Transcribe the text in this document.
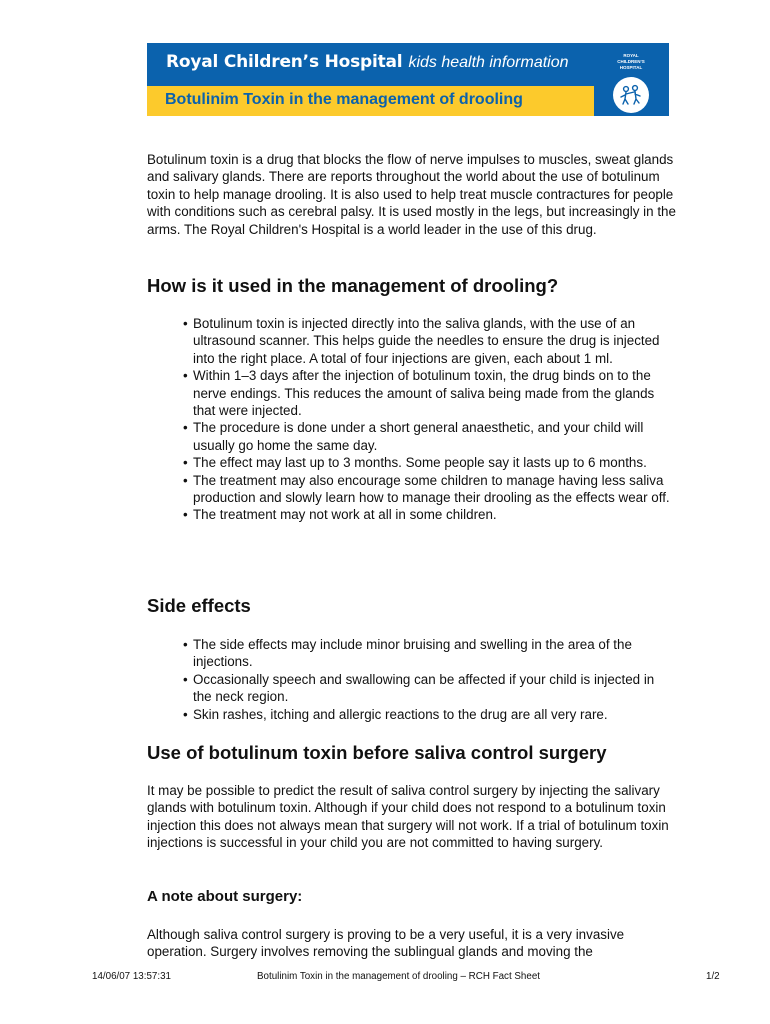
Royal Children’s Hospital kids health information
Botulinim Toxin in the management of drooling
ROYAL
CHILDREN’S
HOSPITAL

Botulinum toxin is a drug that blocks the flow of nerve impulses to muscles, sweat glands and salivary glands. There are reports throughout the world about the use of botulinum toxin to help manage drooling. It is also used to help treat muscle contractures for people with conditions such as cerebral palsy. It is used mostly in the legs, but increasingly in the arms. The Royal Children's Hospital is a world leader in the use of this drug.

How is it used in the management of drooling?
• Botulinum toxin is injected directly into the saliva glands, with the use of an ultrasound scanner. This helps guide the needles to ensure the drug is injected into the right place. A total of four injections are given, each about 1 ml.
• Within 1–3 days after the injection of botulinum toxin, the drug binds on to the nerve endings. This reduces the amount of saliva being made from the glands that were injected.
• The procedure is done under a short general anaesthetic, and your child will usually go home the same day.
• The effect may last up to 3 months. Some people say it lasts up to 6 months.
• The treatment may also encourage some children to manage having less saliva production and slowly learn how to manage their drooling as the effects wear off.
• The treatment may not work at all in some children.
Side effects
• The side effects may include minor bruising and swelling in the area of the injections.
• Occasionally speech and swallowing can be affected if your child is injected in the neck region.
• Skin rashes, itching and allergic reactions to the drug are all very rare.
Use of botulinum toxin before saliva control surgery

It may be possible to predict the result of saliva control surgery by injecting the salivary glands with botulinum toxin. Although if your child does not respond to a botulinum toxin injection this does not always mean that surgery will not work. If a trial of botulinum toxin injections is successful in your child you are not committed to having surgery.

A note about surgery:

Although saliva control surgery is proving to be a very useful, it is a very invasive operation. Surgery involves removing the sublingual glands and moving the

14/06/07 13:57:31	Botulinim Toxin in the management of drooling – RCH Fact Sheet	1/2
